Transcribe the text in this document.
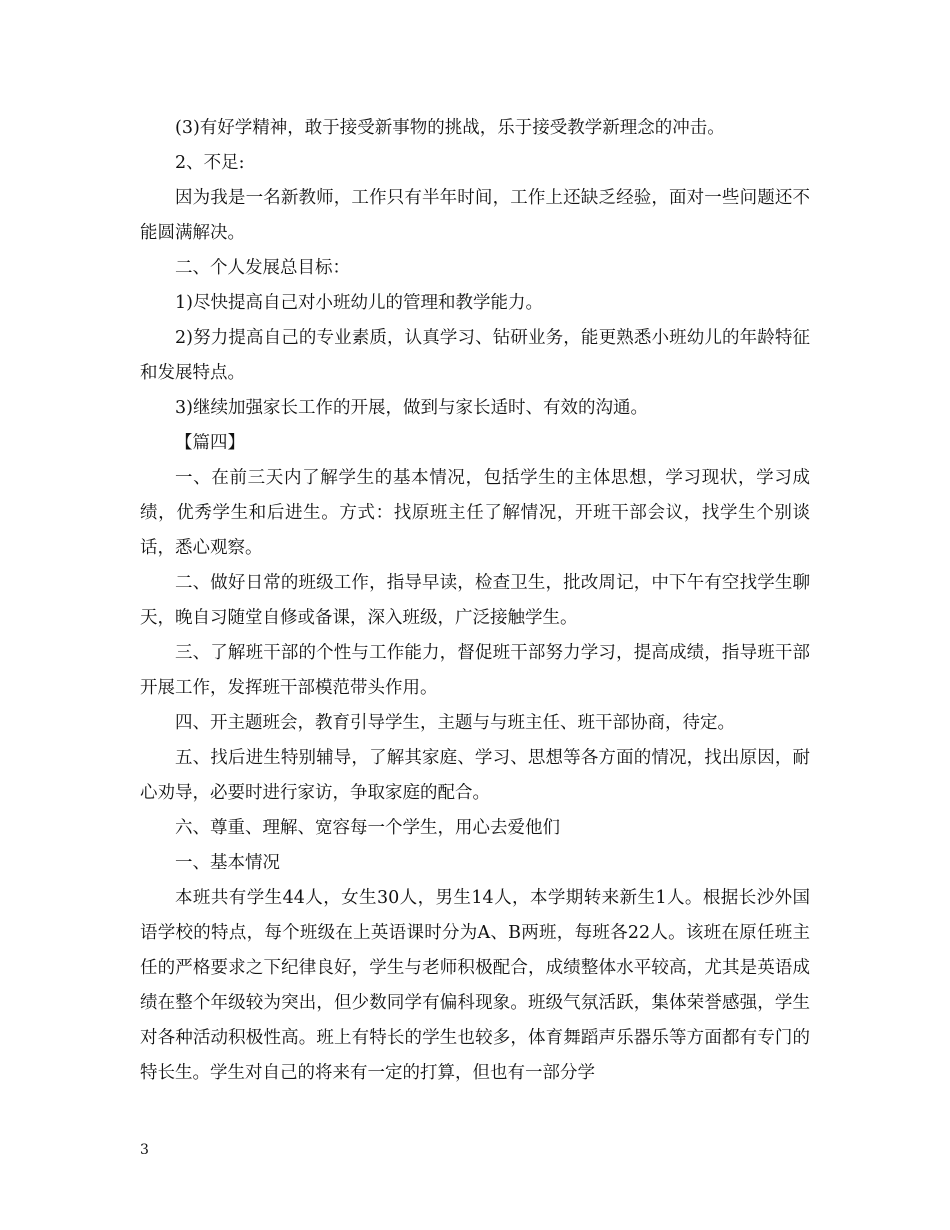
(3)有好学精神，敢于接受新事物的挑战，乐于接受教学新理念的冲击。

2、不足:

因为我是一名新教师，工作只有半年时间，工作上还缺乏经验，面对一些问题还不能圆满解决。

二、个人发展总目标：

1)尽快提高自己对小班幼儿的管理和教学能力。

2)努力提高自己的专业素质，认真学习、钻研业务，能更熟悉小班幼儿的年龄特征和发展特点。

3)继续加强家长工作的开展，做到与家长适时、有效的沟通。

【篇四】

一、在前三天内了解学生的基本情况，包括学生的主体思想，学习现状，学习成绩，优秀学生和后进生。方式：找原班主任了解情况，开班干部会议，找学生个别谈话，悉心观察。

二、做好日常的班级工作，指导早读，检查卫生，批改周记，中下午有空找学生聊天，晚自习随堂自修或备课，深入班级，广泛接触学生。

三、了解班干部的个性与工作能力，督促班干部努力学习，提高成绩，指导班干部开展工作，发挥班干部模范带头作用。

四、开主题班会，教育引导学生，主题与与班主任、班干部协商，待定。

五、找后进生特别辅导，了解其家庭、学习、思想等各方面的情况，找出原因，耐心劝导，必要时进行家访，争取家庭的配合。

六、尊重、理解、宽容每一个学生，用心去爱他们

一、基本情况

本班共有学生44人，女生30人，男生14人，本学期转来新生1人。根据长沙外国语学校的特点，每个班级在上英语课时分为A、B两班，每班各22人。该班在原任班主任的严格要求之下纪律良好，学生与老师积极配合，成绩整体水平较高，尤其是英语成绩在整个年级较为突出，但少数同学有偏科现象。班级气氛活跃，集体荣誉感强，学生对各种活动积极性高。班上有特长的学生也较多，体育舞蹈声乐器乐等方面都有专门的特长生。学生对自己的将来有一定的打算，但也有一部分学

3
